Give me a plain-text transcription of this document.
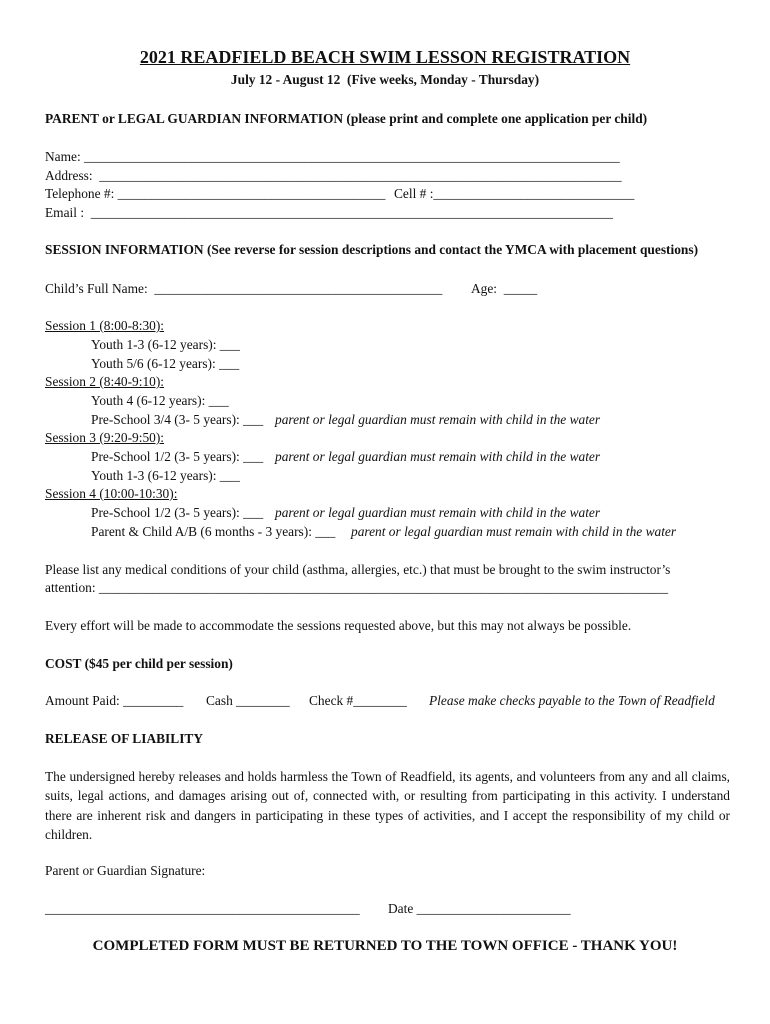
2021 READFIELD BEACH SWIM LESSON REGISTRATION
July 12 - August 12  (Five weeks, Monday - Thursday)

PARENT or LEGAL GUARDIAN INFORMATION (please print and complete one application per child)

Name: ________________________________________________________________________________

Address:  ______________________________________________________________________________

Telephone #: ________________________________________ Cell # :______________________________

Email :  ______________________________________________________________________________

SESSION INFORMATION (See reverse for session descriptions and contact the YMCA with placement questions)

Child’s Full Name:  ___________________________________________ Age:  _____

Session 1 (8:00-8:30):

Youth 1-3 (6-12 years): ___

Youth 5/6 (6-12 years): ___

Session 2 (8:40-9:10):

Youth 4 (6-12 years): ___

Pre-School 3/4 (3- 5 years): ___ parent or legal guardian must remain with child in the water

Session 3 (9:20-9:50):

Pre-School 1/2 (3- 5 years): ___ parent or legal guardian must remain with child in the water

Youth 1-3 (6-12 years): ___

Session 4 (10:00-10:30):

Pre-School 1/2 (3- 5 years): ___ parent or legal guardian must remain with child in the water

Parent & Child A/B (6 months - 3 years): ___ parent or legal guardian must remain with child in the water

Please list any medical conditions of your child (asthma, allergies, etc.) that must be brought to the swim instructor’s

attention: _____________________________________________________________________________________

Every effort will be made to accommodate the sessions requested above, but this may not always be possible.

COST ($45 per child per session)

Amount Paid: _________ Cash ________ Check #________ Please make checks payable to the Town of Readfield

RELEASE OF LIABILITY

The undersigned hereby releases and holds harmless the Town of Readfield, its agents, and volunteers from any and all claims, suits, legal actions, and damages arising out of, connected with, or resulting from participating in this activity. I understand there are inherent risk and dangers in participating in these types of activities, and I accept the responsibility of my child or children.

Parent or Guardian Signature:

_______________________________________________ Date _______________________

COMPLETED FORM MUST BE RETURNED TO THE TOWN OFFICE - THANK YOU!
